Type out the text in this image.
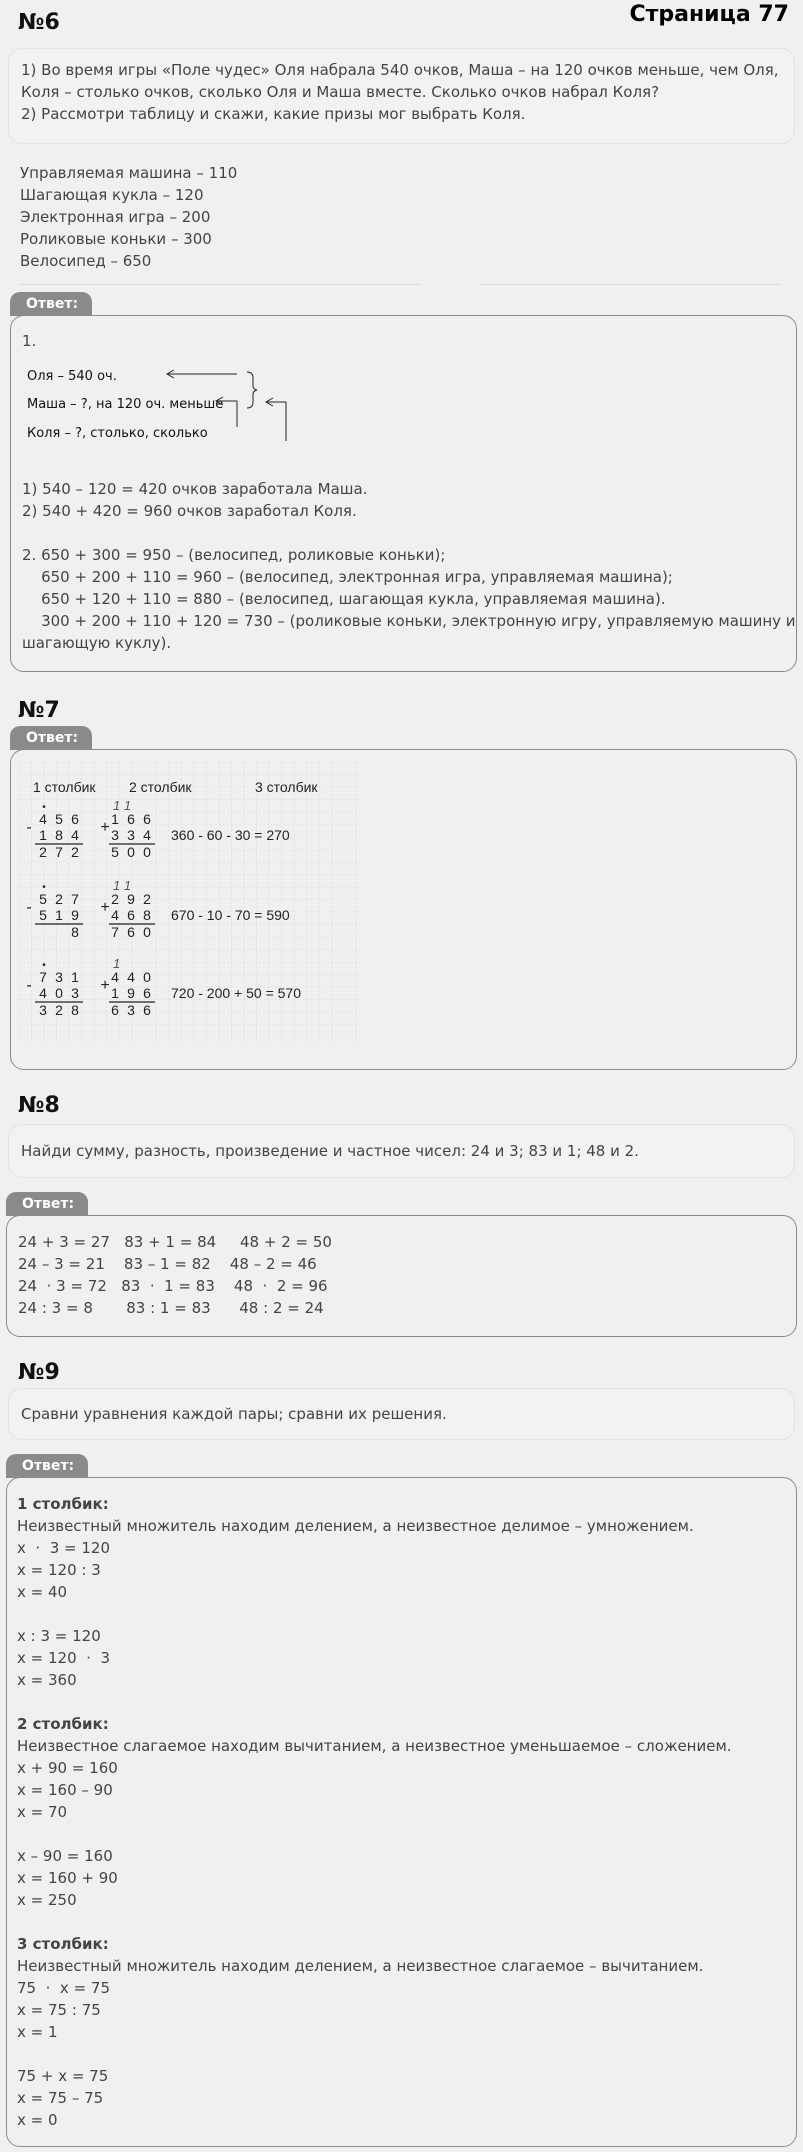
Страница 77
№6
1) Во время игры «Поле чудес» Оля набрала 540 очков, Маша – на 120 очков меньше, чем Оля,
Коля – столько очков, сколько Оля и Маша вместе. Сколько очков набрал Коля?
2) Рассмотри таблицу и скажи, какие призы мог выбрать Коля.
Управляемая машина – 110
Шагающая кукла – 120
Электронная игра – 200
Роликовые коньки – 300
Велосипед – 650
Ответ:
1.
Оля – 540 оч.
Маша – ?, на 120 оч. меньше
Коля – ?, столько, сколько
1) 540 – 120 = 420 очков заработала Маша.
2) 540 + 420 = 960 очков заработал Коля.
2. 650 + 300 = 950 – (велосипед, роликовые коньки);
650 + 200 + 110 = 960 – (велосипед, электронная игра, управляемая машина);
650 + 120 + 110 = 880 – (велосипед, шагающая кукла, управляемая машина).
300 + 200 + 110 + 120 = 730 – (роликовые коньки, электронную игру, управляемую машину и
шагающую куклу).
№7
Ответ:
1 столбик 2 столбик	3 столбик
•
- 4 5 6
1 8 4
2 7 2
•
- 5 2 7
5 1 9
8
•
- 7 3 1
4 0 3
3 2 8
1 1
+ 1 6 6
3 3 4
5 0 0
1 1
+ 2 9 2
4 6 8
7 6 0
1
+ 4 4 0
1 9 6
6 3 6
360 - 60 - 30 = 270
670 - 10 - 70 = 590
720 - 200 + 50 = 570
№8
Найди сумму, разность, произведение и частное чисел: 24 и 3; 83 и 1; 48 и 2.
Ответ:
24 + 3 = 27   83 + 1 = 84     48 + 2 = 50
24 – 3 = 21    83 – 1 = 82    48 – 2 = 46
24  · 3 = 72   83  ·  1 = 83    48  ·  2 = 96
24 : 3 = 8       83 : 1 = 83      48 : 2 = 24
№9
Сравни уравнения каждой пары; сравни их решения.
Ответ:
1 столбик:
Неизвестный множитель находим делением, а неизвестное делимое – умножением.
x  ·  3 = 120
x = 120 : 3
x = 40
x : 3 = 120
x = 120  ·  3
x = 360
2 столбик:
Неизвестное слагаемое находим вычитанием, а неизвестное уменьшаемое – сложением.
x + 90 = 160
x = 160 – 90
x = 70
x – 90 = 160
x = 160 + 90
x = 250
3 столбик:
Неизвестный множитель находим делением, а неизвестное слагаемое – вычитанием.
75  ·  x = 75
x = 75 : 75
x = 1
75 + x = 75
x = 75 – 75
x = 0
